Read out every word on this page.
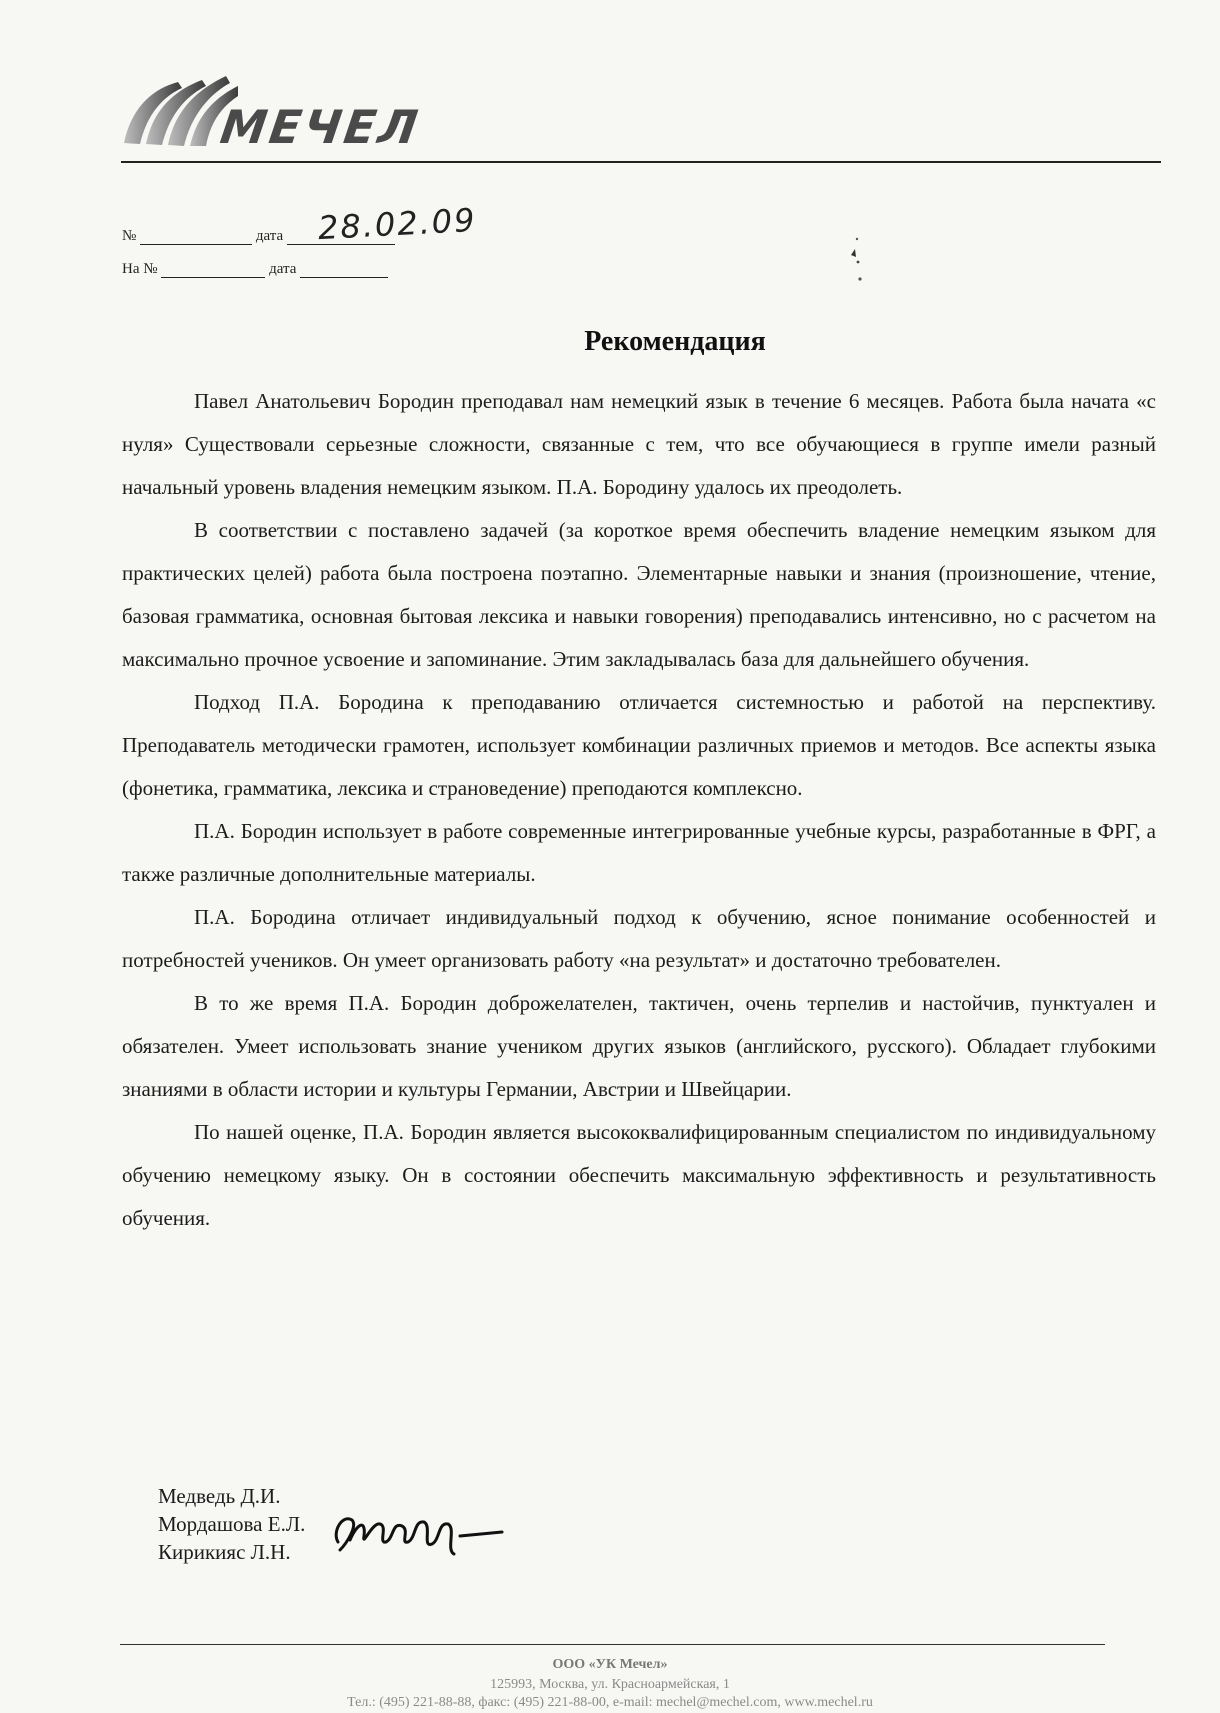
МЕЧЕЛ
№	дата	28.02.09
На №	дата
Рекомендация

Павел Анатольевич Бородин преподавал нам немецкий язык в течение 6 месяцев. Работа была начата «с нуля» Существовали серьезные сложности, связанные с тем, что все обучающиеся в группе имели разный начальный уровень владения немецким языком. П.А. Бородину удалось их преодолеть.

В соответствии с поставлено задачей (за короткое время обеспечить владение немецким языком для практических целей) работа была построена поэтапно. Элементарные навыки и знания (произношение, чтение, базовая грамматика, основная бытовая лексика и навыки говорения) преподавались интенсивно, но с расчетом на максимально прочное усвоение и запоминание. Этим закладывалась база для дальнейшего обучения.

Подход П.А. Бородина к преподаванию отличается системностью и работой на перспективу. Преподаватель методически грамотен, использует комбинации различных приемов и методов. Все аспекты языка (фонетика, грамматика, лексика и страноведение) преподаются комплексно.

П.А. Бородин использует в работе современные интегрированные учебные курсы, разработанные в ФРГ, а также различные дополнительные материалы.

П.А. Бородина отличает индивидуальный подход к обучению, ясное понимание особенностей и потребностей учеников. Он умеет организовать работу «на результат» и достаточно требователен.

В то же время П.А. Бородин доброжелателен, тактичен, очень терпелив и настойчив, пунктуален и обязателен. Умеет использовать знание учеником других языков (английского, русского). Обладает глубокими знаниями в области истории и культуры Германии, Австрии и Швейцарии.

По нашей оценке, П.А. Бородин является высококвалифицированным специалистом по индивидуальному обучению немецкому языку. Он в состоянии обеспечить максимальную эффективность и результативность обучения.

Медведь Д.И.
Мордашова Е.Л.
Кирикияс Л.Н.
ООО «УК Мечел»
125993, Москва, ул. Красноармейская, 1
Тел.: (495) 221-88-88, факс: (495) 221-88-00, e-mail: mechel@mechel.com, www.mechel.ru
